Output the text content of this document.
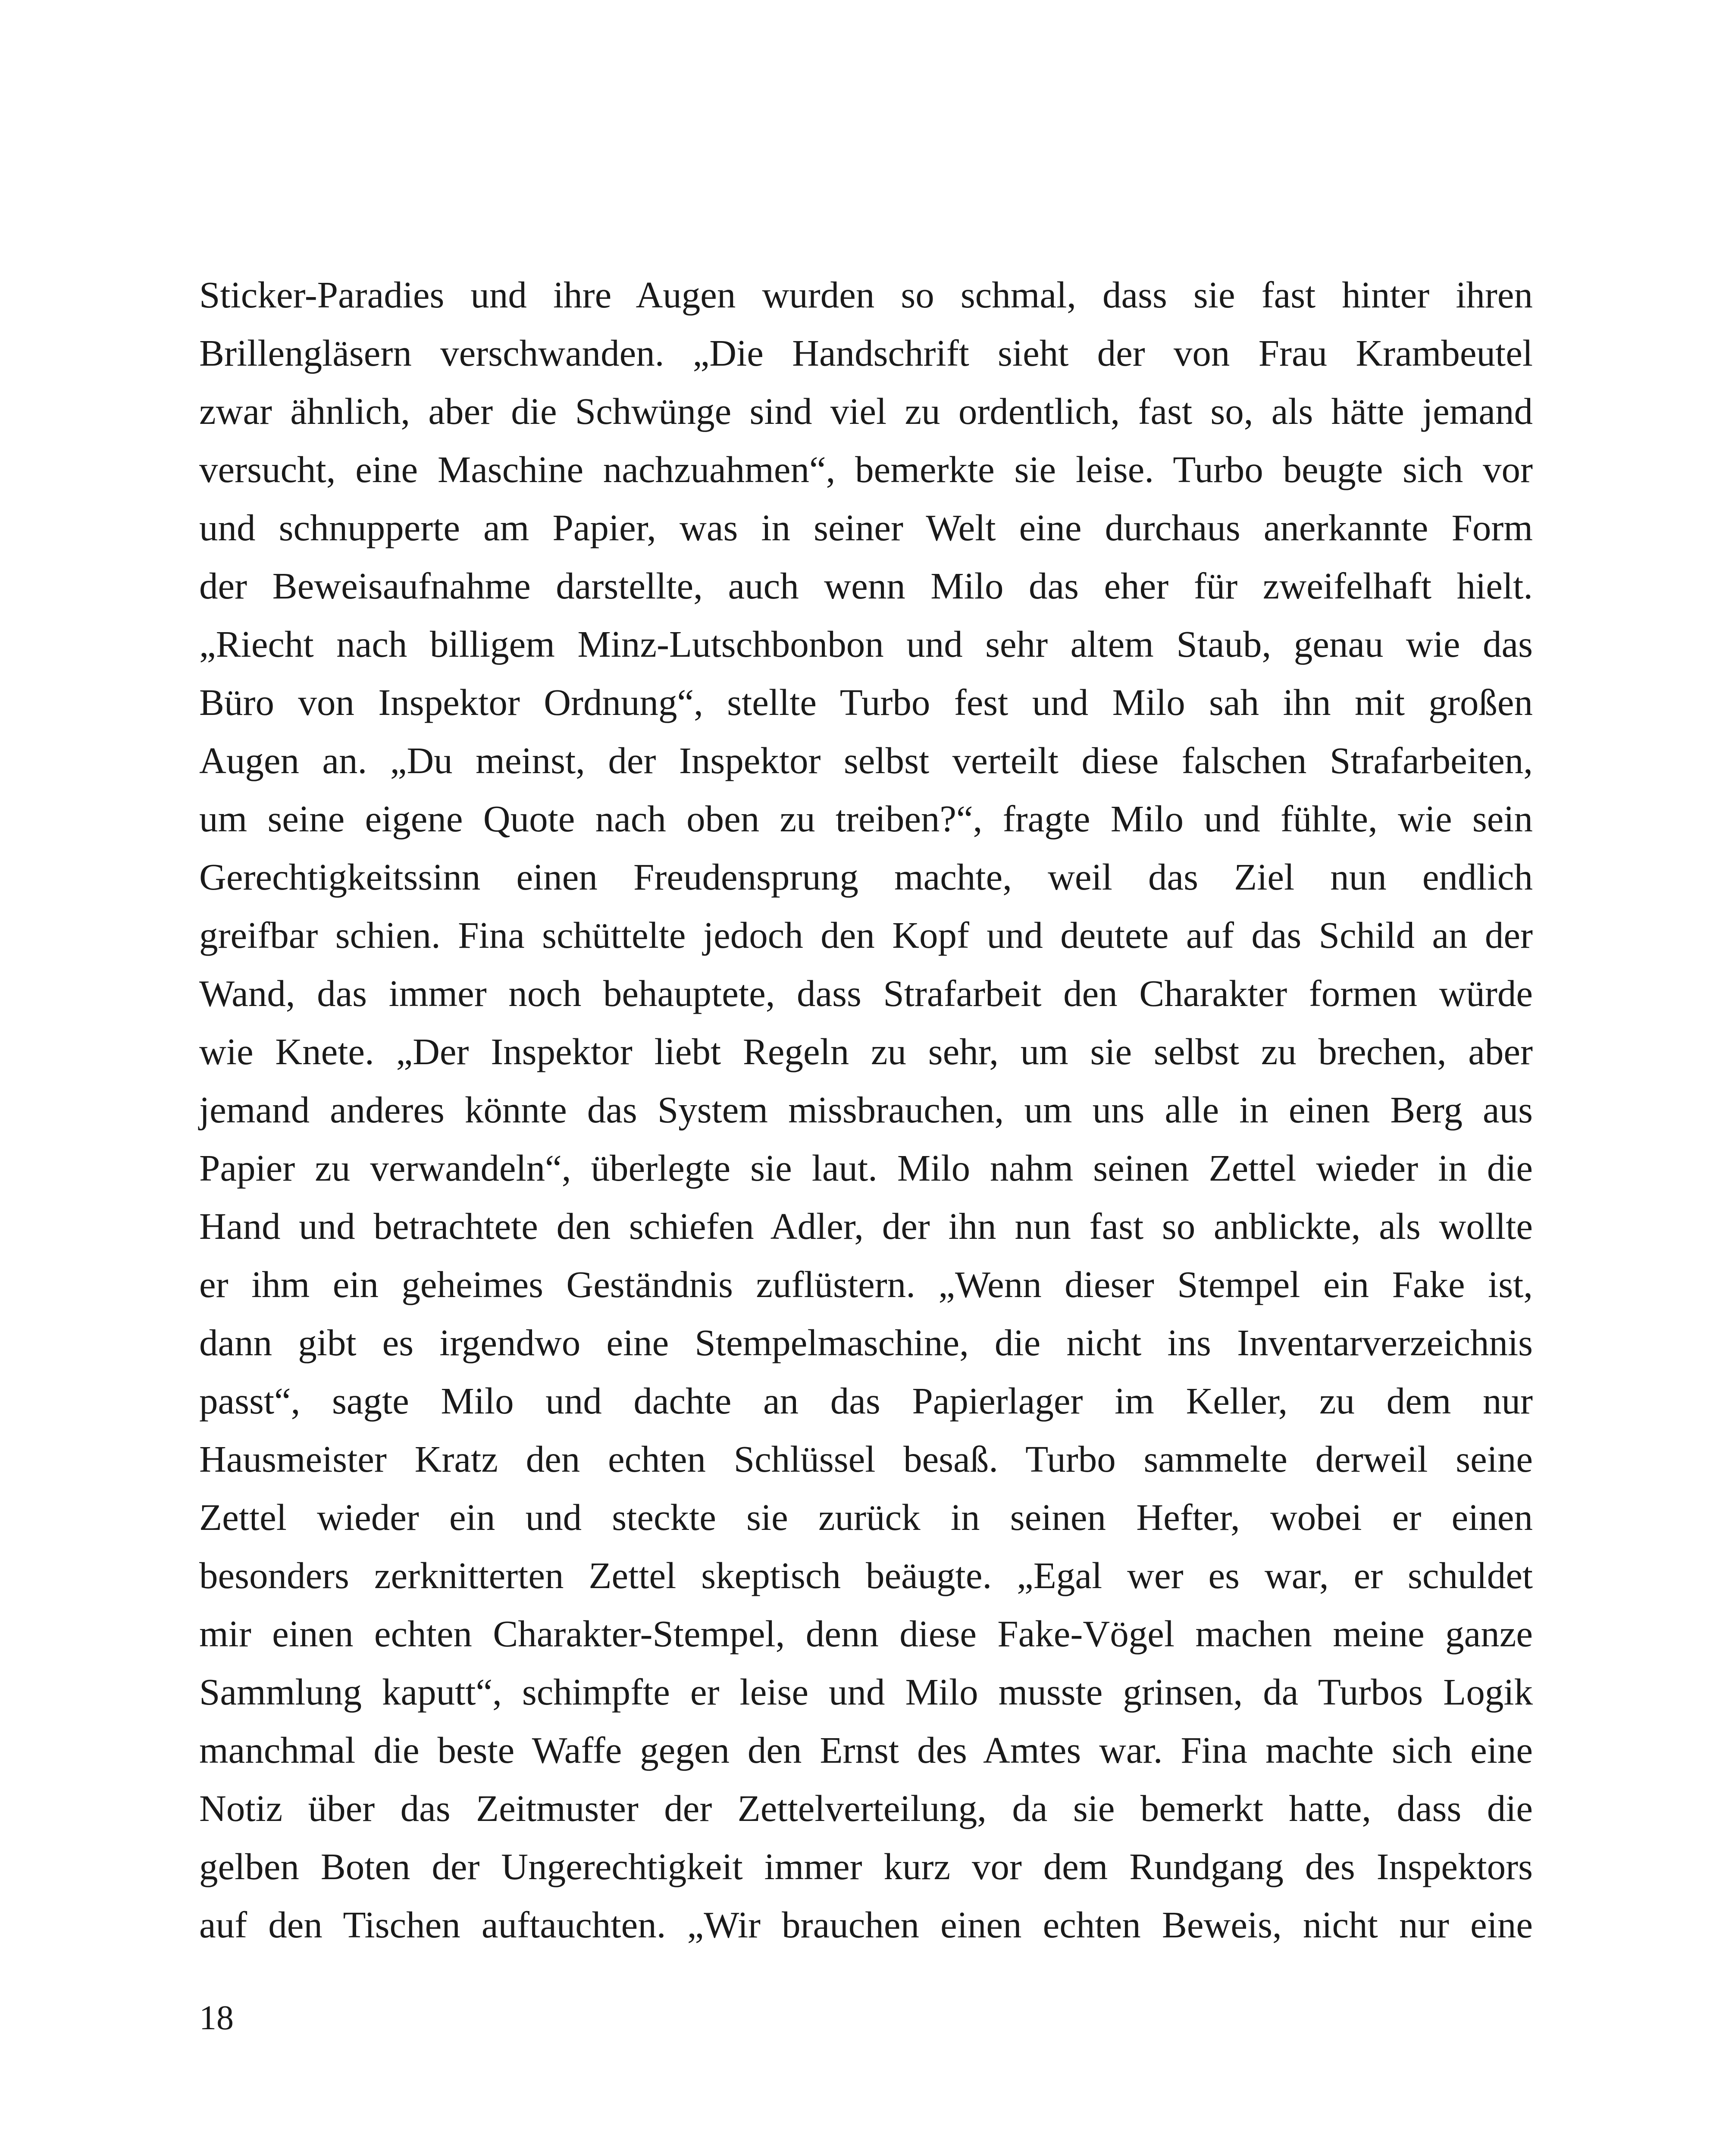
Sticker-Paradies und ihre Augen wurden so schmal, dass sie fast hinter ihren
Brillengläsern verschwanden. „Die Handschrift sieht der von Frau Krambeutel
zwar ähnlich, aber die Schwünge sind viel zu ordentlich, fast so, als hätte jemand
versucht, eine Maschine nachzuahmen“, bemerkte sie leise. Turbo beugte sich vor
und schnupperte am Papier, was in seiner Welt eine durchaus anerkannte Form
der Beweisaufnahme darstellte, auch wenn Milo das eher für zweifelhaft hielt.
„Riecht nach billigem Minz-Lutschbonbon und sehr altem Staub, genau wie das
Büro von Inspektor Ordnung“, stellte Turbo fest und Milo sah ihn mit großen
Augen an. „Du meinst, der Inspektor selbst verteilt diese falschen Strafarbeiten,
um seine eigene Quote nach oben zu treiben?“, fragte Milo und fühlte, wie sein
Gerechtigkeitssinn einen Freudensprung machte, weil das Ziel nun endlich
greifbar schien. Fina schüttelte jedoch den Kopf und deutete auf das Schild an der
Wand, das immer noch behauptete, dass Strafarbeit den Charakter formen würde
wie Knete. „Der Inspektor liebt Regeln zu sehr, um sie selbst zu brechen, aber
jemand anderes könnte das System missbrauchen, um uns alle in einen Berg aus
Papier zu verwandeln“, überlegte sie laut. Milo nahm seinen Zettel wieder in die
Hand und betrachtete den schiefen Adler, der ihn nun fast so anblickte, als wollte
er ihm ein geheimes Geständnis zuflüstern. „Wenn dieser Stempel ein Fake ist,
dann gibt es irgendwo eine Stempelmaschine, die nicht ins Inventarverzeichnis
passt“, sagte Milo und dachte an das Papierlager im Keller, zu dem nur
Hausmeister Kratz den echten Schlüssel besaß. Turbo sammelte derweil seine
Zettel wieder ein und steckte sie zurück in seinen Hefter, wobei er einen
besonders zerknitterten Zettel skeptisch beäugte. „Egal wer es war, er schuldet
mir einen echten Charakter-Stempel, denn diese Fake-Vögel machen meine ganze
Sammlung kaputt“, schimpfte er leise und Milo musste grinsen, da Turbos Logik
manchmal die beste Waffe gegen den Ernst des Amtes war. Fina machte sich eine
Notiz über das Zeitmuster der Zettelverteilung, da sie bemerkt hatte, dass die
gelben Boten der Ungerechtigkeit immer kurz vor dem Rundgang des Inspektors
auf den Tischen auftauchten. „Wir brauchen einen echten Beweis, nicht nur eine
18
